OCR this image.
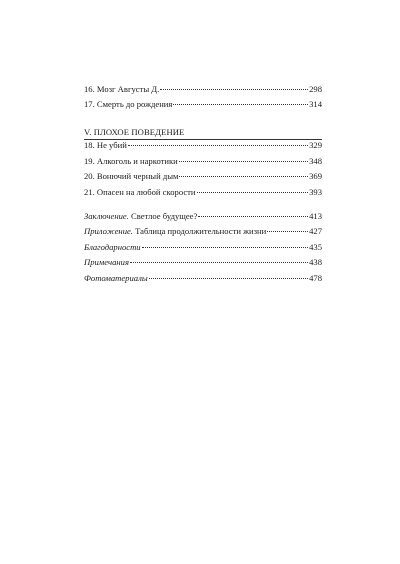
16. Мозг Августы Д.	298
17. Смерть до рождения	314
V. ПЛОХОЕ ПОВЕДЕНИЕ
18. Не убий	329
19. Алкоголь и наркотики	348
20. Вонючий черный дым	369
21. Опасен на любой скорости	393
Заключение. Светлое будущее?	413
Приложение. Таблица продолжительности жизни	427
Благодарности	435
Примечания	438
Фотоматериалы	478
